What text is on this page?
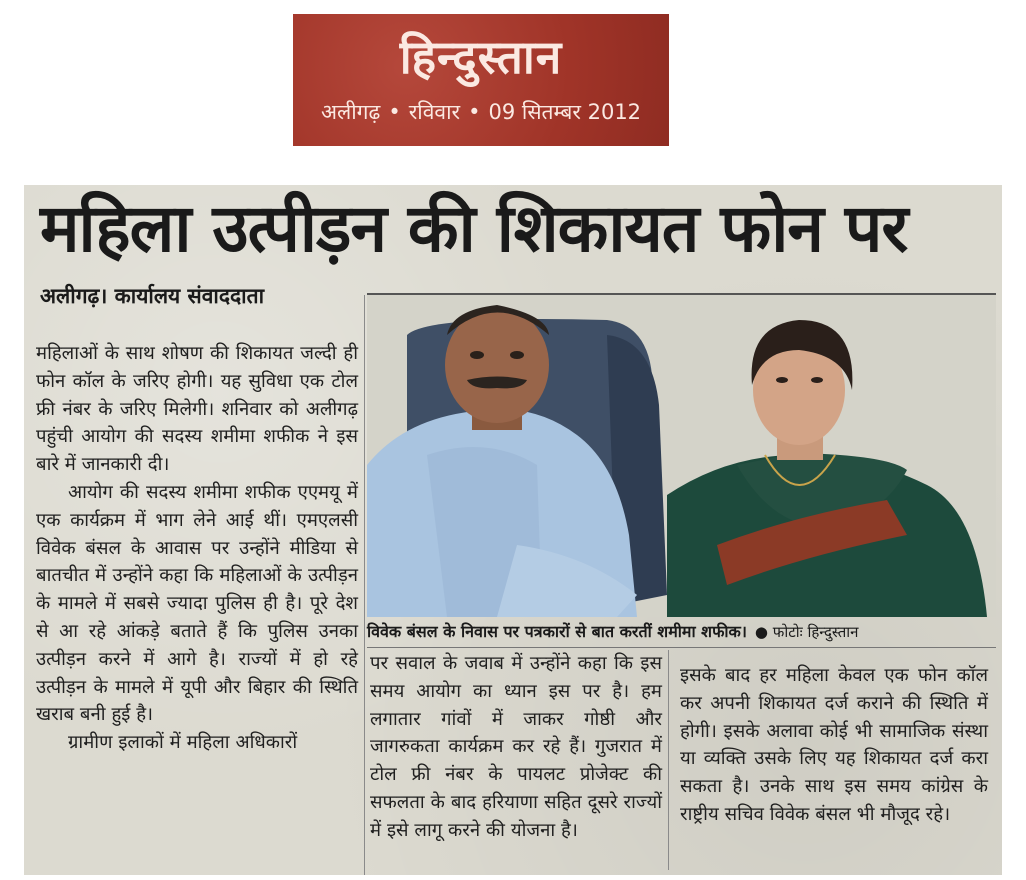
हिन्दुस्तान
अलीगढ़ • रविवार • 09 सितम्बर 2012
महिला उत्पीड़न की शिकायत फोन पर
अलीगढ़। कार्यालय संवाददाता

महिलाओं के साथ शोषण की शिकायत जल्दी ही फोन कॉल के जरिए होगी। यह सुविधा एक टोल फ्री नंबर के जरिए मिलेगी। शनिवार को अलीगढ़ पहुंची आयोग की सदस्य शमीमा शफीक ने इस बारे में जानकारी दी।

आयोग की सदस्य शमीमा शफीक एएमयू में एक कार्यक्रम में भाग लेने आई थीं। एमएलसी विवेक बंसल के आवास पर उन्होंने मीडिया से बातचीत में उन्होंने कहा कि महिलाओं के उत्पीड़न के मामले में सबसे ज्यादा पुलिस ही है। पूरे देश से आ रहे आंकड़े बताते हैं कि पुलिस उनका उत्पीड़न करने में आगे है। राज्यों में हो रहे उत्पीड़न के मामले में यूपी और बिहार की स्थिति खराब बनी हुई है।

ग्रामीण इलाकों में महिला अधिकारों

विवेक बंसल के निवास पर पत्रकारों से बात करतीं शमीमा शफीक। ● फोटोः हिन्दुस्तान

पर सवाल के जवाब में उन्होंने कहा कि इस समय आयोग का ध्यान इस पर है। हम लगातार गांवों में जाकर गोष्ठी और जागरुकता कार्यक्रम कर रहे हैं। गुजरात में टोल फ्री नंबर के पायलट प्रोजेक्ट की सफलता के बाद हरियाणा सहित दूसरे राज्यों में इसे लागू करने की योजना है।

इसके बाद हर महिला केवल एक फोन कॉल कर अपनी शिकायत दर्ज कराने की स्थिति में होगी। इसके अलावा कोई भी सामाजिक संस्था या व्यक्ति उसके लिए यह शिकायत दर्ज करा सकता है। उनके साथ इस समय कांग्रेस के राष्ट्रीय सचिव विवेक बंसल भी मौजूद रहे।
